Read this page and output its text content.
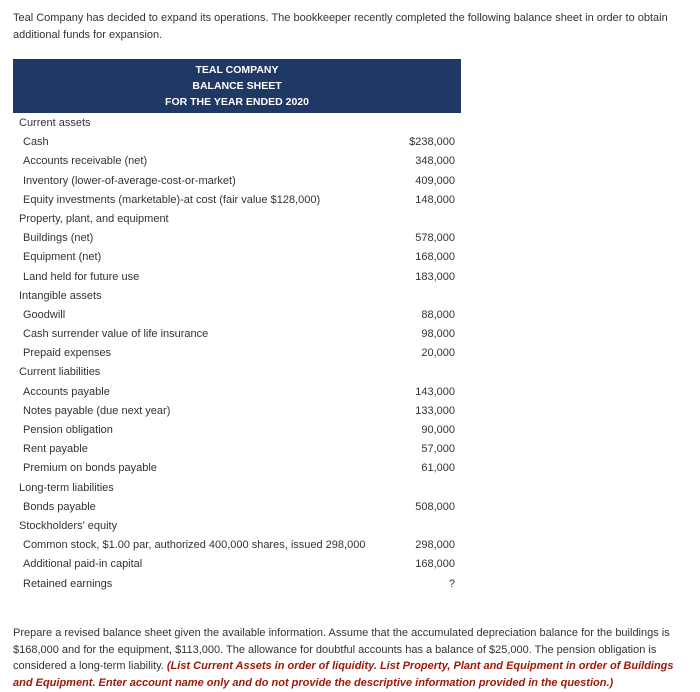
Teal Company has decided to expand its operations. The bookkeeper recently completed the following balance sheet in order to obtain additional funds for expansion.

TEAL COMPANY
BALANCE SHEET
FOR THE YEAR ENDED 2020
Current assets
Cash	$238,000
Accounts receivable (net)	348,000
Inventory (lower-of-average-cost-or-market)	409,000
Equity investments (marketable)-at cost (fair value $128,000)	148,000
Property, plant, and equipment
Buildings (net)	578,000
Equipment (net)	168,000
Land held for future use	183,000
Intangible assets
Goodwill	88,000
Cash surrender value of life insurance	98,000
Prepaid expenses	20,000
Current liabilities
Accounts payable	143,000
Notes payable (due next year)	133,000
Pension obligation	90,000
Rent payable	57,000
Premium on bonds payable	61,000
Long-term liabilities
Bonds payable	508,000
Stockholders' equity
Common stock, $1.00 par, authorized 400,000 shares, issued 298,000	298,000
Additional paid-in capital	168,000
Retained earnings	?

Prepare a revised balance sheet given the available information. Assume that the accumulated depreciation balance for the buildings is $168,000 and for the equipment, $113,000. The allowance for doubtful accounts has a balance of $25,000. The pension obligation is considered a long-term liability. (List Current Assets in order of liquidity. List Property, Plant and Equipment in order of Buildings and Equipment. Enter account name only and do not provide the descriptive information provided in the question.)
